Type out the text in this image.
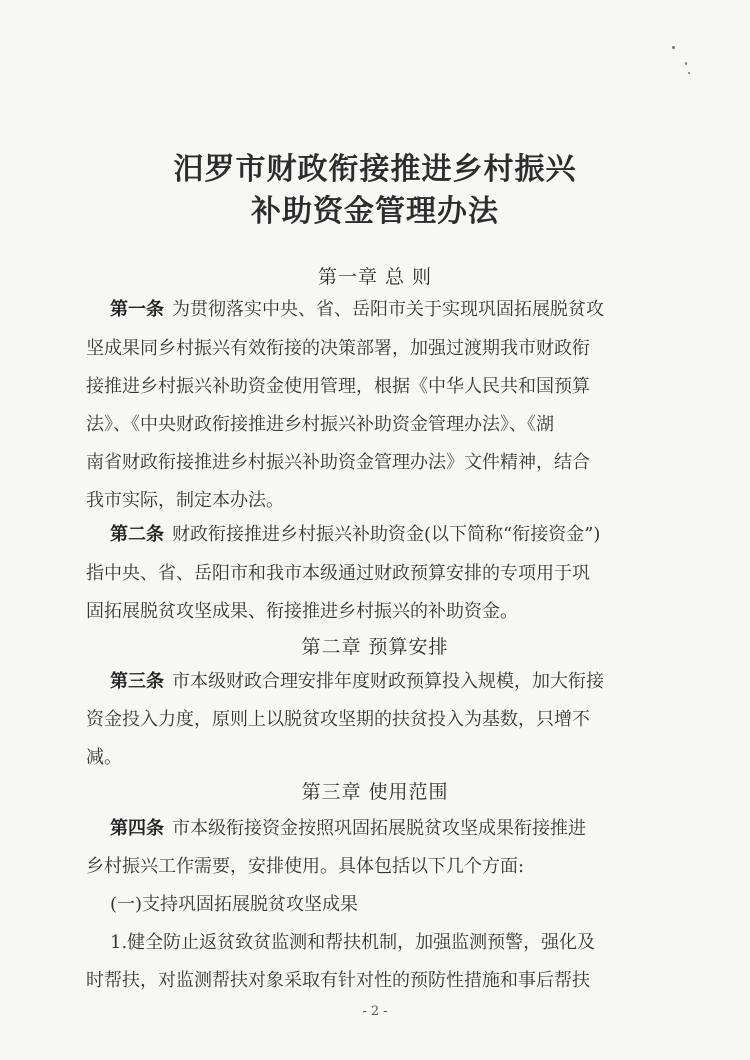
汨罗市财政衔接推进乡村振兴
补助资金管理办法
第一章 总 则
第一条 为贯彻落实中央、省、岳阳市关于实现巩固拓展脱贫攻
坚成果同乡村振兴有效衔接的决策部署，加强过渡期我市财政衔
接推进乡村振兴补助资金使用管理，根据《中华人民共和国预算
法》、《中央财政衔接推进乡村振兴补助资金管理办法》、《湖
南省财政衔接推进乡村振兴补助资金管理办法》文件精神，结合
我市实际，制定本办法。
第二条 财政衔接推进乡村振兴补助资金(以下简称“衔接资金”)
指中央、省、岳阳市和我市本级通过财政预算安排的专项用于巩
固拓展脱贫攻坚成果、衔接推进乡村振兴的补助资金。
第二章 预算安排
第三条 市本级财政合理安排年度财政预算投入规模，加大衔接
资金投入力度，原则上以脱贫攻坚期的扶贫投入为基数，只增不
减。
第三章 使用范围
第四条 市本级衔接资金按照巩固拓展脱贫攻坚成果衔接推进
乡村振兴工作需要，安排使用。具体包括以下几个方面:
(一)支持巩固拓展脱贫攻坚成果
1.健全防止返贫致贫监测和帮扶机制，加强监测预警，强化及
时帮扶，对监测帮扶对象采取有针对性的预防性措施和事后帮扶
- 2 -
